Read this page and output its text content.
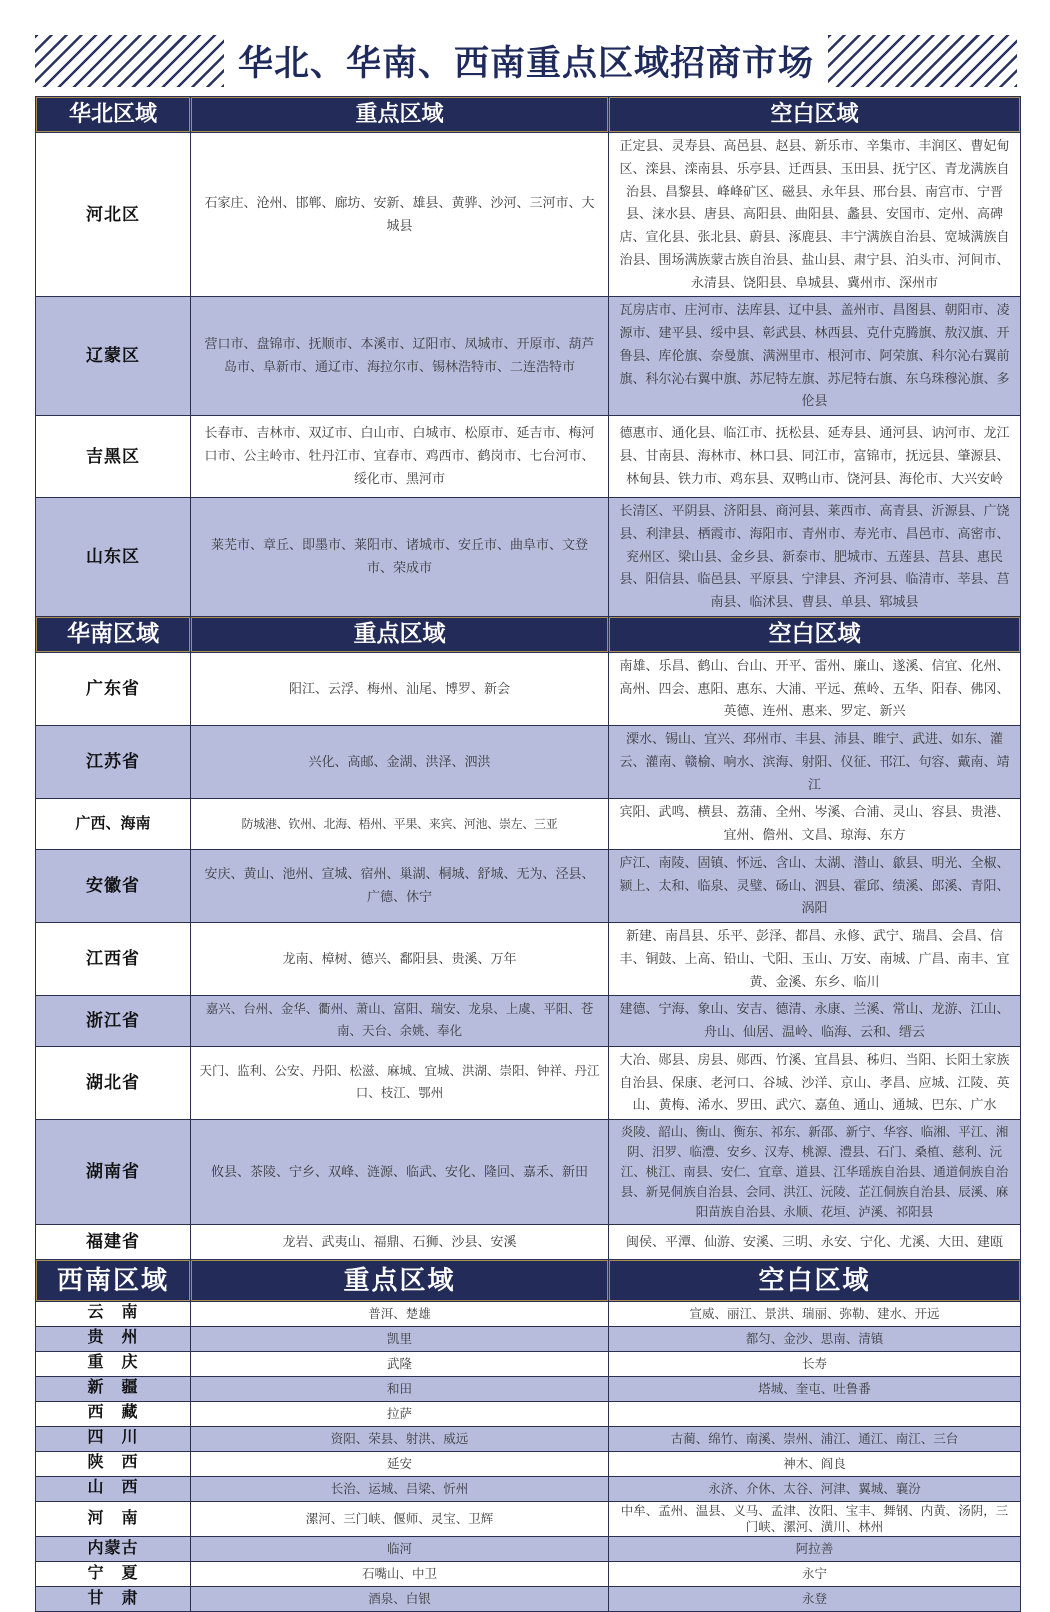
华北、华南、西南重点区域招商市场
华北区域	重点区域	空白区域
河北区	石家庄、沧州、邯郸、廊坊、安新、雄县、黄骅、沙河、三河市、大城县	正定县、灵寿县、高邑县、赵县、新乐市、辛集市、丰润区、曹妃甸区、滦县、滦南县、乐亭县、迁西县、玉田县、抚宁区、青龙满族自治县、昌黎县、峰峰矿区、磁县、永年县、邢台县、南宫市、宁晋县、涞水县、唐县、高阳县、曲阳县、蠡县、安国市、定州、高碑店、宣化县、张北县、蔚县、涿鹿县、丰宁满族自治县、宽城满族自治县、围场满族蒙古族自治县、盐山县、肃宁县、泊头市、河间市、永清县、饶阳县、阜城县、冀州市、深州市
辽蒙区	营口市、盘锦市、抚顺市、本溪市、辽阳市、凤城市、开原市、葫芦岛市、阜新市、通辽市、海拉尔市、锡林浩特市、二连浩特市	瓦房店市、庄河市、法库县、辽中县、盖州市、昌图县、朝阳市、凌源市、建平县、绥中县、彰武县、林西县、克什克腾旗、敖汉旗、开鲁县、库伦旗、奈曼旗、满洲里市、根河市、阿荣旗、科尔沁右翼前旗、科尔沁右翼中旗、苏尼特左旗、苏尼特右旗、东乌珠穆沁旗、多伦县
吉黑区	长春市、吉林市、双辽市、白山市、白城市、松原市、延吉市、梅河口市、公主岭市、牡丹江市、宜春市、鸡西市、鹤岗市、七台河市、绥化市、黑河市	德惠市、通化县、临江市、抚松县、延寿县、通河县、讷河市、龙江县、甘南县、海林市、林口县、同江市，富锦市，抚远县、肇源县、林甸县、铁力市、鸡东县、双鸭山市、饶河县、海伦市、大兴安岭
山东区	莱芜市、章丘、即墨市、莱阳市、诸城市、安丘市、曲阜市、文登市、荣成市	长清区、平阴县、济阳县、商河县、莱西市、高青县、沂源县、广饶县、利津县、栖霞市、海阳市、青州市、寿光市、昌邑市、高密市、兖州区、梁山县、金乡县、新泰市、肥城市、五莲县、莒县、惠民县、阳信县、临邑县、平原县、宁津县、齐河县、临清市、莘县、莒南县、临沭县、曹县、单县、郓城县
华南区域	重点区域	空白区域
广东省	阳江、云浮、梅州、汕尾、博罗、新会	南雄、乐昌、鹤山、台山、开平、雷州、廉山、遂溪、信宜、化州、高州、四会、惠阳、惠东、大浦、平远、蕉岭、五华、阳春、佛冈、英德、连州、惠来、罗定、新兴
江苏省	兴化、高邮、金湖、洪泽、泗洪	溧水、锡山、宜兴、邳州市、丰县、沛县、睢宁、武进、如东、灌云、灌南、赣榆、响水、滨海、射阳、仪征、邗江、句容、戴南、靖江
广西、海南	防城港、钦州、北海、梧州、平果、来宾、河池、崇左、三亚	宾阳、武鸣、横县、荔蒲、全州、岑溪、合浦、灵山、容县、贵港、宜州、儋州、文昌、琼海、东方
安徽省	安庆、黄山、池州、宣城、宿州、巢湖、桐城、舒城、无为、泾县、广德、休宁	庐江、南陵、固镇、怀远、含山、太湖、潜山、歙县、明光、全椒、颍上、太和、临泉、灵璧、砀山、泗县、霍邱、绩溪、郎溪、青阳、涡阳
江西省	龙南、樟树、德兴、鄱阳县、贵溪、万年	新建、南昌县、乐平、彭泽、都昌、永修、武宁、瑞昌、会昌、信丰、铜鼓、上高、铅山、弋阳、玉山、万安、南城、广昌、南丰、宜黄、金溪、东乡、临川
浙江省	嘉兴、台州、金华、衢州、萧山、富阳、瑞安、龙泉、上虞、平阳、苍南、天台、余姚、奉化	建德、宁海、象山、安吉、德清、永康、兰溪、常山、龙游、江山、舟山、仙居、温岭、临海、云和、缙云
湖北省	天门、监利、公安、丹阳、松滋、麻城、宜城、洪湖、崇阳、钟祥、丹江口、枝江、鄂州	大冶、郧县、房县、郧西、竹溪、宜昌县、秭归、当阳、长阳土家族自治县、保康、老河口、谷城、沙洋、京山、孝昌、应城、江陵、英山、黄梅、浠水、罗田、武穴、嘉鱼、通山、通城、巴东、广水
湖南省	攸县、茶陵、宁乡、双峰、涟源、临武、安化、隆回、嘉禾、新田	炎陵、韶山、衡山、衡东、祁东、新邵、新宁、华容、临湘、平江、湘阴、汨罗、临澧、安乡、汉寿、桃源、澧县、石门、桑植、慈利、沅江、桃江、南县、安仁、宜章、道县、江华瑶族自治县、通道侗族自治县、新晃侗族自治县、会同、洪江、沅陵、芷江侗族自治县、辰溪、麻阳苗族自治县、永顺、花垣、泸溪、祁阳县
福建省	龙岩、武夷山、福鼎、石狮、沙县、安溪	闽侯、平潭、仙游、安溪、三明、永安、宁化、尤溪、大田、建瓯
西南区域	重点区域	空白区域
云　南	普洱、楚雄	宣威、丽江、景洪、瑞丽、弥勒、建水、开远
贵　州	凯里	都匀、金沙、思南、清镇
重　庆	武隆	长寿
新　疆	和田	塔城、奎屯、吐鲁番
西　藏	拉萨	
四　川	资阳、荣县、射洪、威远	古蔺、绵竹、南溪、崇州、浦江、通江、南江、三台
陕　西	延安	神木、阎良
山　西	长治、运城、吕梁、忻州	永济、介休、太谷、河津、翼城、襄汾
河　南	漯河、三门峡、偃师、灵宝、卫辉	中牟、孟州、温县、义马、孟津、汝阳、宝丰、舞钢、内黄、汤阴，三门峡、漯河、潢川、林州
内蒙古	临河	阿拉善
宁　夏	石嘴山、中卫	永宁
甘　肃	酒泉、白银	永登
